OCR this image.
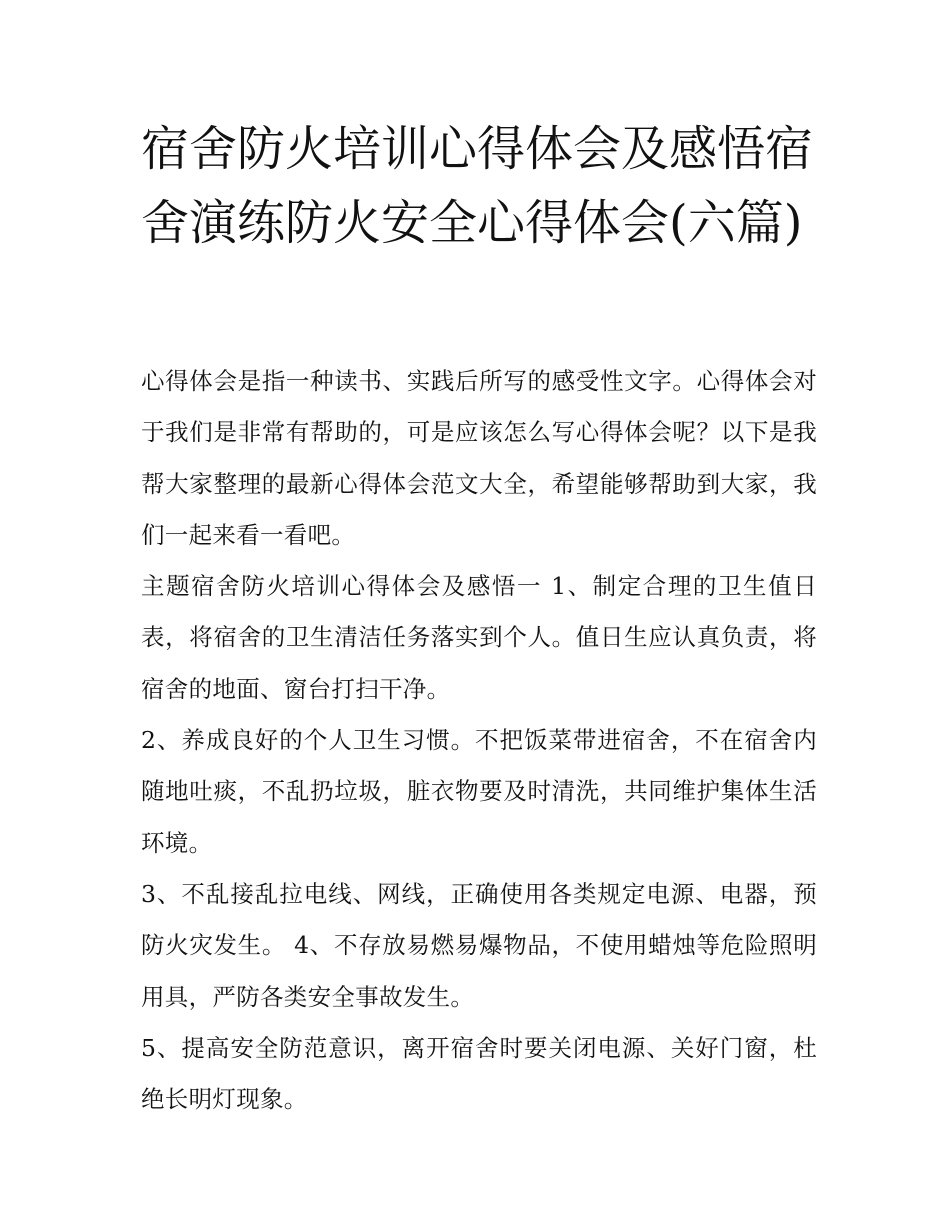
宿舍防火培训心得体会及感悟宿舍演练防火安全心得体会(六篇)

心得体会是指一种读书、实践后所写的感受性文字。心得体会对于我们是非常有帮助的，可是应该怎么写心得体会呢？以下是我帮大家整理的最新心得体会范文大全，希望能够帮助到大家，我们一起来看一看吧。

主题宿舍防火培训心得体会及感悟一 1、制定合理的卫生值日表，将宿舍的卫生清洁任务落实到个人。值日生应认真负责，将宿舍的地面、窗台打扫干净。

2、养成良好的个人卫生习惯。不把饭菜带进宿舍，不在宿舍内随地吐痰，不乱扔垃圾，脏衣物要及时清洗，共同维护集体生活环境。

3、不乱接乱拉电线、网线，正确使用各类规定电源、电器，预防火灾发生。 4、不存放易燃易爆物品，不使用蜡烛等危险照明用具，严防各类安全事故发生。

5、提高安全防范意识，离开宿舍时要关闭电源、关好门窗，杜绝长明灯现象。
